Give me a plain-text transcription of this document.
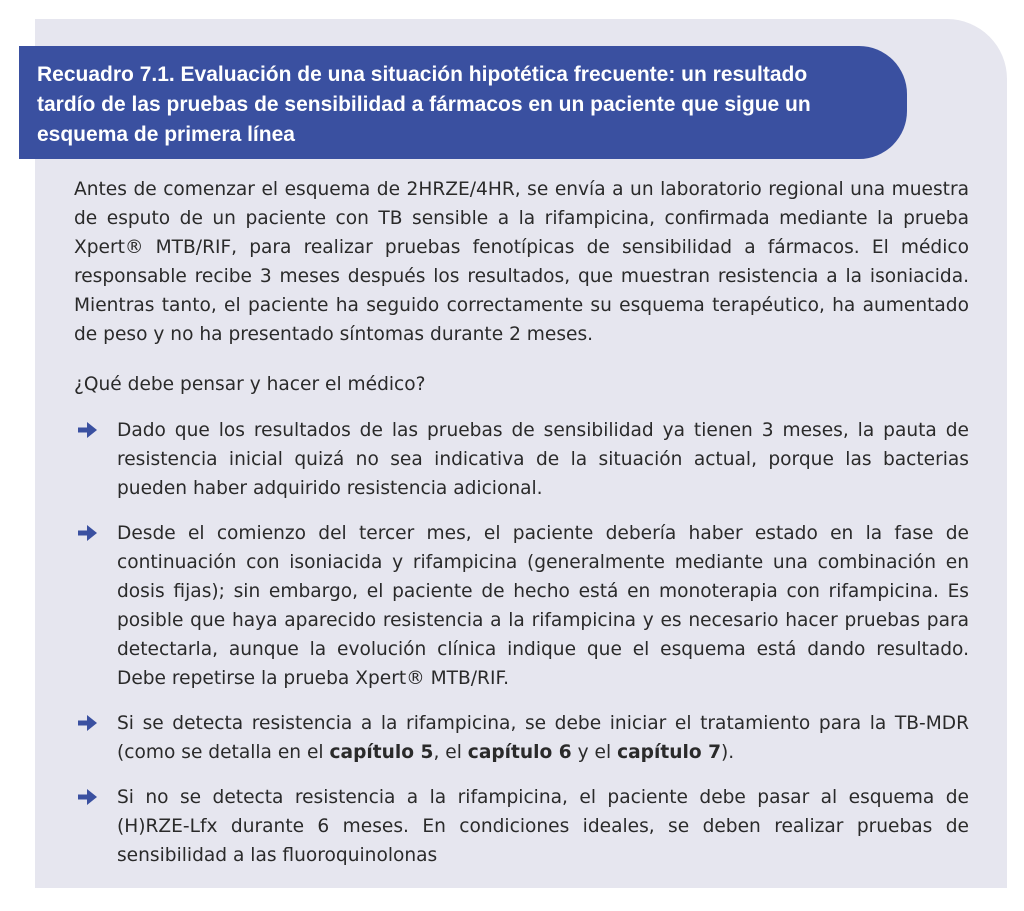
Recuadro 7.1. Evaluación de una situación hipotética frecuente: un resultado tardío de las pruebas de sensibilidad a fármacos en un paciente que sigue un esquema de primera línea

Antes de comenzar el esquema de 2HRZE/4HR, se envía a un laboratorio regional una muestra de esputo de un paciente con TB sensible a la rifampicina, confirmada mediante la prueba Xpert® MTB/RIF, para realizar pruebas fenotípicas de sensibilidad a fármacos. El médico responsable recibe 3 meses después los resultados, que muestran resistencia a la isoniacida. Mientras tanto, el paciente ha seguido correctamente su esquema terapéutico, ha aumentado de peso y no ha presentado síntomas durante 2 meses.

¿Qué debe pensar y hacer el médico?

Dado que los resultados de las pruebas de sensibilidad ya tienen 3 meses, la pauta de resistencia inicial quizá no sea indicativa de la situación actual, porque las bacterias pueden haber adquirido resistencia adicional.
Desde el comienzo del tercer mes, el paciente debería haber estado en la fase de continuación con isoniacida y rifampicina (generalmente mediante una combinación en dosis fijas); sin embargo, el paciente de hecho está en monoterapia con rifampicina. Es posible que haya aparecido resistencia a la rifampicina y es necesario hacer pruebas para detectarla, aunque la evolución clínica indique que el esquema está dando resultado. Debe repetirse la prueba Xpert® MTB/RIF.
Si se detecta resistencia a la rifampicina, se debe iniciar el tratamiento para la TB-MDR (como se detalla en el capítulo 5, el capítulo 6 y el capítulo 7).
Si no se detecta resistencia a la rifampicina, el paciente debe pasar al esquema de (H)RZE-Lfx durante 6 meses. En condiciones ideales, se deben realizar pruebas de sensibilidad a las fluoroquinolonas
